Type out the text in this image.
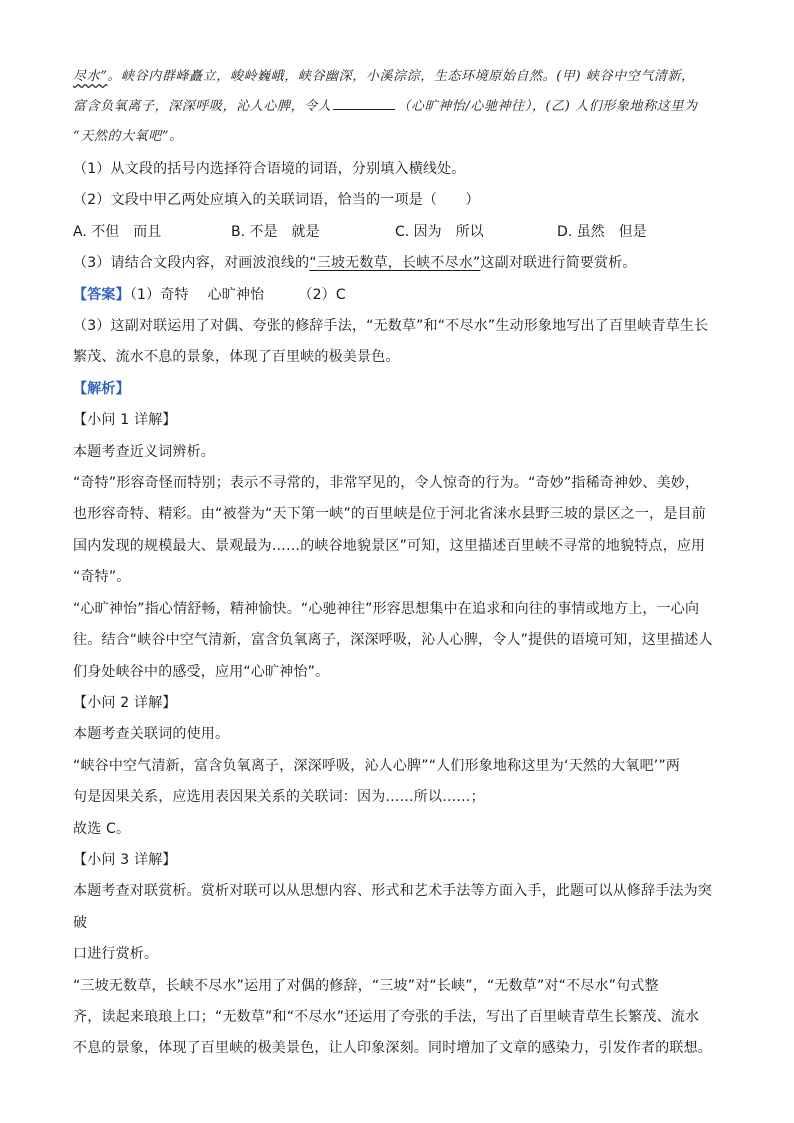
尽水”。峡谷内群峰矗立，峻岭巍峨，峡谷幽深，小溪淙淙，生态环境原始自然。(甲) 峡谷中空气清新，

富含负氧离子，深深呼吸，沁人心脾，令人	（心旷神怡/心驰神往），(乙) 人们形象地称这里为

“天然的大氧吧”。

（1）从文段的括号内选择符合语境的词语，分别填入横线处。

（2）文段中甲乙两处应填入的关联词语，恰当的一项是（　　）

A. 不但　而且	B. 不是　就是	C. 因为　所以	D. 虽然　但是

（3）请结合文段内容，对画波浪线的“三坡无数草，长峡不尽水”这副对联进行简要赏析。

【答案】（1）奇特　 心旷神怡 （2）C

（3）这副对联运用了对偶、夸张的修辞手法，“无数草”和“不尽水”生动形象地写出了百里峡青草生长

繁茂、流水不息的景象，体现了百里峡的极美景色。

【解析】

【小问 1 详解】

本题考查近义词辨析。

“奇特”形容奇怪而特别；表示不寻常的，非常罕见的，令人惊奇的行为。“奇妙”指稀奇神妙、美妙，

也形容奇特、精彩。由“被誉为“天下第一峡”的百里峡是位于河北省涞水县野三坡的景区之一，是目前

国内发现的规模最大、景观最为……的峡谷地貌景区”可知，这里描述百里峡不寻常的地貌特点，应用

“奇特”。

“心旷神怡”指心情舒畅，精神愉快。“心驰神往”形容思想集中在追求和向往的事情或地方上，一心向

往。结合“峡谷中空气清新，富含负氧离子，深深呼吸，沁人心脾，令人”提供的语境可知，这里描述人

们身处峡谷中的感受，应用“心旷神怡”。

【小问 2 详解】

本题考查关联词的使用。

“峡谷中空气清新，富含负氧离子，深深呼吸，沁人心脾”“人们形象地称这里为‘天然的大氧吧’”两

句是因果关系，应选用表因果关系的关联词：因为……所以……；

故选 C。

【小问 3 详解】

本题考查对联赏析。赏析对联可以从思想内容、形式和艺术手法等方面入手，此题可以从修辞手法为突破

口进行赏析。

“三坡无数草，长峡不尽水”运用了对偶的修辞，“三坡”对“长峡”，“无数草”对“不尽水”句式整

齐，读起来琅琅上口；“无数草”和“不尽水”还运用了夸张的手法，写出了百里峡青草生长繁茂、流水

不息的景象，体现了百里峡的极美景色，让人印象深刻。同时增加了文章的感染力，引发作者的联想。
